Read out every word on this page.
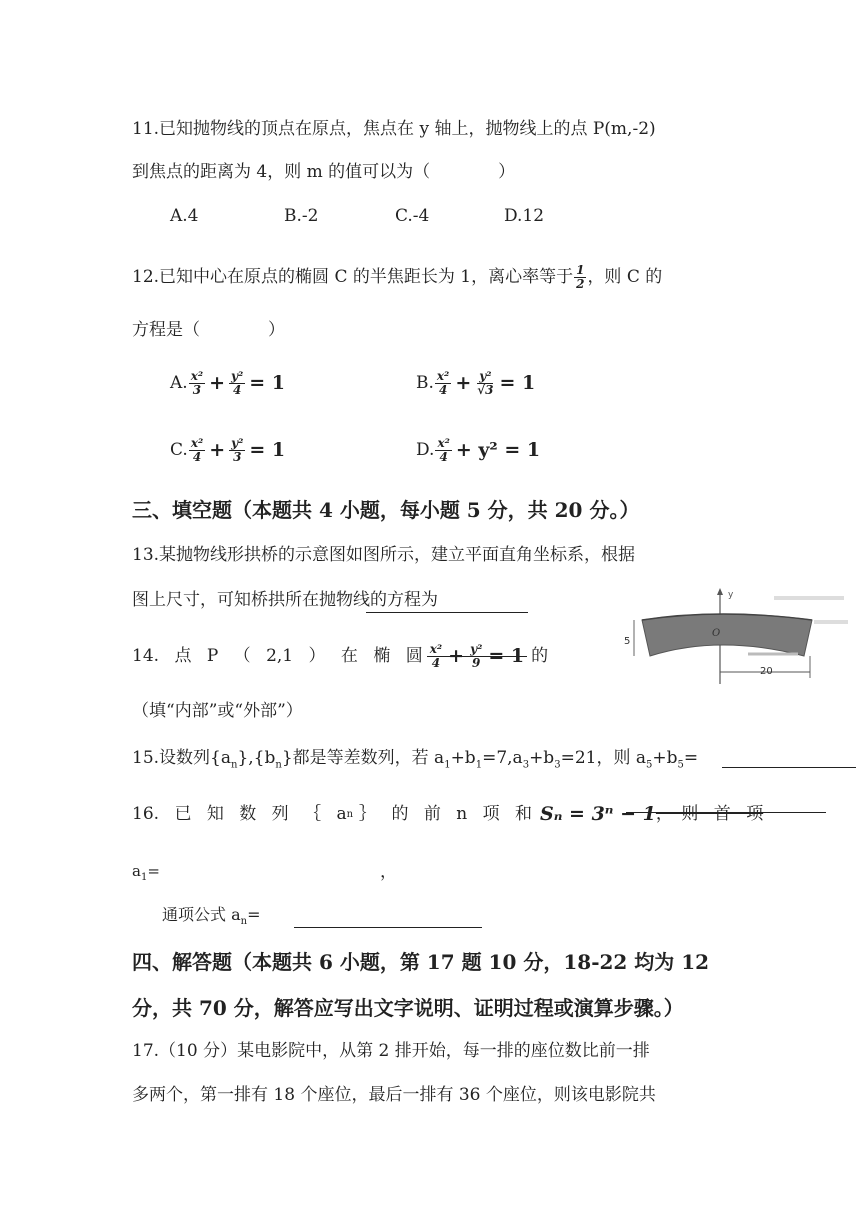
11.已知抛物线的顶点在原点，焦点在 y 轴上，抛物线上的点 P(m,-2)
到焦点的距离为 4，则 m 的值可以为（　　　　）
A.4	B.-2	C.-4	D.12
12.已知中心在原点的椭圆 C 的半焦距长为 1，离心率等于 $\frac{1}{2}$ ，则 C 的
方程是（　　　　）
A. $\frac{\text{x²}}{3} + \frac{\text{y²}}{4} = 1$	B. $\frac{\text{x²}}{4} + \frac{\text{y²}}{√3} = 1$
C. $\frac{\text{x²}}{4} + \frac{\text{y²}}{3} = 1$	D. $\frac{\text{x²}}{4} + y^2 = 1$
三、填空题（本题共 4 小题，每小题 5 分，共 20 分。）
13.某抛物线形拱桥的示意图如图所示，建立平面直角坐标系，根据
图上尺寸，可知桥拱所在抛物线的方程为	y
5
O
20
14. 点 P （ 2,1 ） 在 椭 圆 $\frac{\text{x²}}{4} + \frac{\text{y²}}{9} = 1$ 的
（填“内部”或“外部”）
15.设数列$\{a_n\},\{b_n\}$都是等差数列，若 $a_1+b_1=7,a_3+b_3=21$，则 $a_5+b_5=$
16. 已 知 数 列 ｛ a n ｝ 的 前 n 项 和 Sₙ = 3ⁿ − 1 ，　则 首 项
$a_1=$	，
通项公式 $a_n=$
四、解答题（本题共 6 小题，第 17 题 10 分，18-22 均为 12
分，共 70 分，解答应写出文字说明、证明过程或演算步骤。）
17.（10 分）某电影院中，从第 2 排开始，每一排的座位数比前一排
多两个，第一排有 18 个座位，最后一排有 36 个座位，则该电影院共
